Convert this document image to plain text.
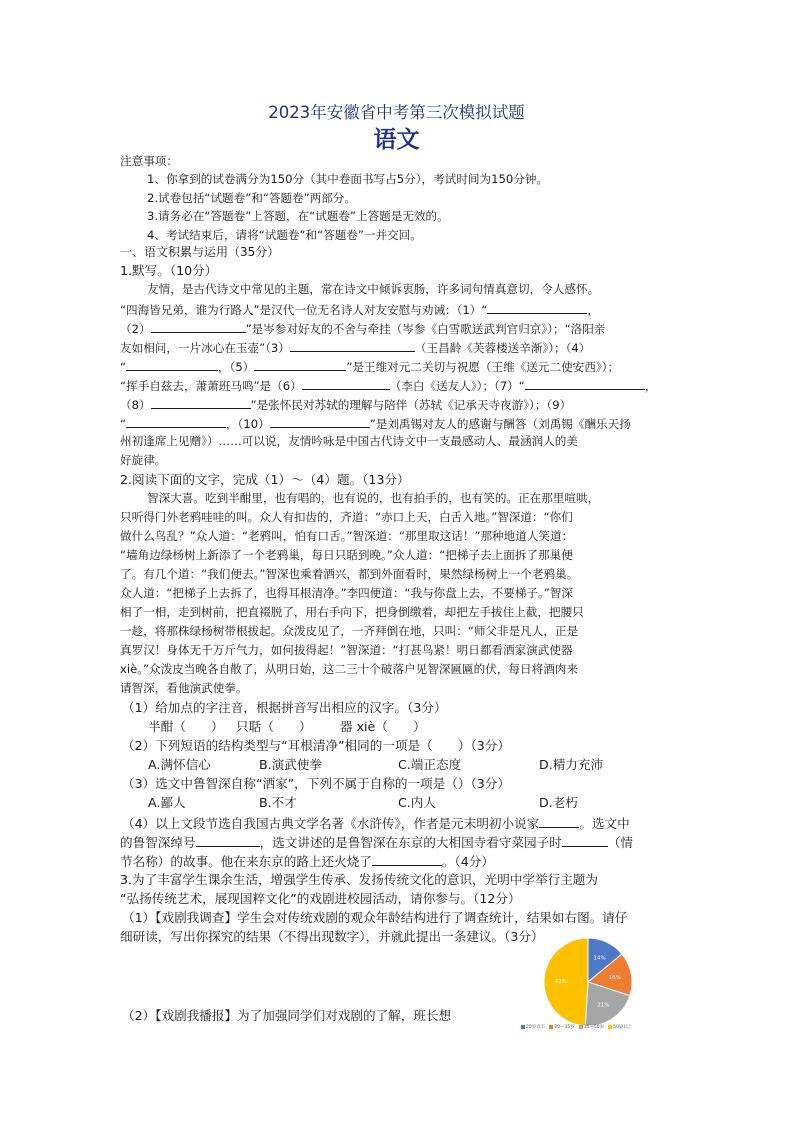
2023年安徽省中考第三次模拟试题
语文
注意事项：
1、你拿到的试卷满分为150分（其中卷面书写占5分），考试时间为150分钟。
2.试卷包括“试题卷”和“答题卷”两部分。
3.请务必在“答题卷”上答题，在“试题卷”上答题是无效的。
4、考试结束后，请将“试题卷”和“答题卷”一并交回。
一、语文积累与运用（35分）
1.默写。（10分）
友情，是古代诗文中常见的主题，常在诗文中倾诉衷肠，许多词句情真意切，令人感怀。
“四海皆兄弟，谁为行路人”是汉代一位无名诗人对友安慰与劝诫：（1）“	，
（2）	”是岑参对好友的不舍与牵挂（岑参《白雪歌送武判官归京》）；“洛阳亲
友如相问，一片冰心在玉壶”（3）	（王昌龄《芙蓉楼送辛渐》）；（4）
“	，（5）	”是王维对元二关切与祝愿（王维《送元二使安西》）；
“挥手自兹去，萧萧班马鸣”是（6）	（李白《送友人》）；（7）“	，
（8）	”是张怀民对苏轼的理解与陪伴（苏轼《记承天寺夜游》）；（9）
“	，（10）	”是刘禹锡对友人的感谢与酬答（刘禹锡《酬乐天扬
州初逢席上见赠》）……可以说，友情吟咏是中国古代诗文中一支最感动人、最涵润人的美
好旋律。
2.阅读下面的文字，完成（1）～（4）题。（13分）
智深大喜。吃到半酣里，也有唱的，也有说的，也有拍手的，也有笑的。正在那里喧哄，
只听得门外老鸦哇哇的叫。众人有扣齿的，齐道：“赤口上天，白舌入地。”智深道：“你们
做什么鸟乱？”众人道：“老鸦叫，怕有口舌。”智深道：“那里取这话！”那种地道人笑道：
“墙角边绿杨树上新添了一个老鸦巢，每日只聒到晚。”众人道：“把梯子去上面拆了那巢便
了。有几个道：“我们便去。”智深也乘着酒兴，都到外面看时，果然绿杨树上一个老鸦巢。
众人道：“把梯子上去拆了，也得耳根清净。”李四便道：“我与你盘上去，不要梯子。”智深
相了一相，走到树前，把直裰脱了，用右手向下，把身倒缴着，却把左手拔住上截，把腰只
一趁，将那株绿杨树带根拔起。众泼皮见了，一齐拜倒在地，只叫：“师父非是凡人，正是
真罗汉！身体无千万斤气力，如何拔得起！”智深道：“打甚鸟紧！明日都看洒家演武使器
xiè。”众泼皮当晚各自散了，从明日始，这二三十个破落户见智深匾匾的伏，每日将酒肉来
请智深，看他演武使拳。
（1）给加点的字注音，根据拼音写出相应的汉字。（3分）
半酣（　　） 只聒（　　） 器 xiè（　　）
（2）下列短语的结构类型与“耳根清净”相同的一项是（　　）（3分）
A.满怀信心	B.演武使拳	C.端正态度	D.精力充沛
（3）选文中鲁智深自称“洒家”，下列不属于自称的一项是（）（3分）
A.鄙人	B.不才	C.内人	D.老朽
（4）以上文段节选自我国古典文学名著《水浒传》，作者是元末明初小说家	。选文中
的鲁智深绰号	，选文讲述的是鲁智深在东京的大相国寺看守菜园子时	（情
节名称）的故事。他在来东京的路上还火烧了	。（4分）
3.为了丰富学生课余生活，增强学生传承、发扬传统文化的意识，光明中学举行主题为
“弘扬传统艺术，展现国粹文化”的戏剧进校园活动，请你参与。（12分）
（1）【戏剧我调查】学生会对传统戏剧的观众年龄结构进行了调查统计，结果如右图。请仔
细研读，写出你探究的结果（不得出现数字），并就此提出一条建议。（3分）
（2）【戏剧我播报】为了加强同学们对戏剧的了解，班长想
14%
16%
21%
49%
20岁以下 20—35岁 35—50岁 50岁以上
